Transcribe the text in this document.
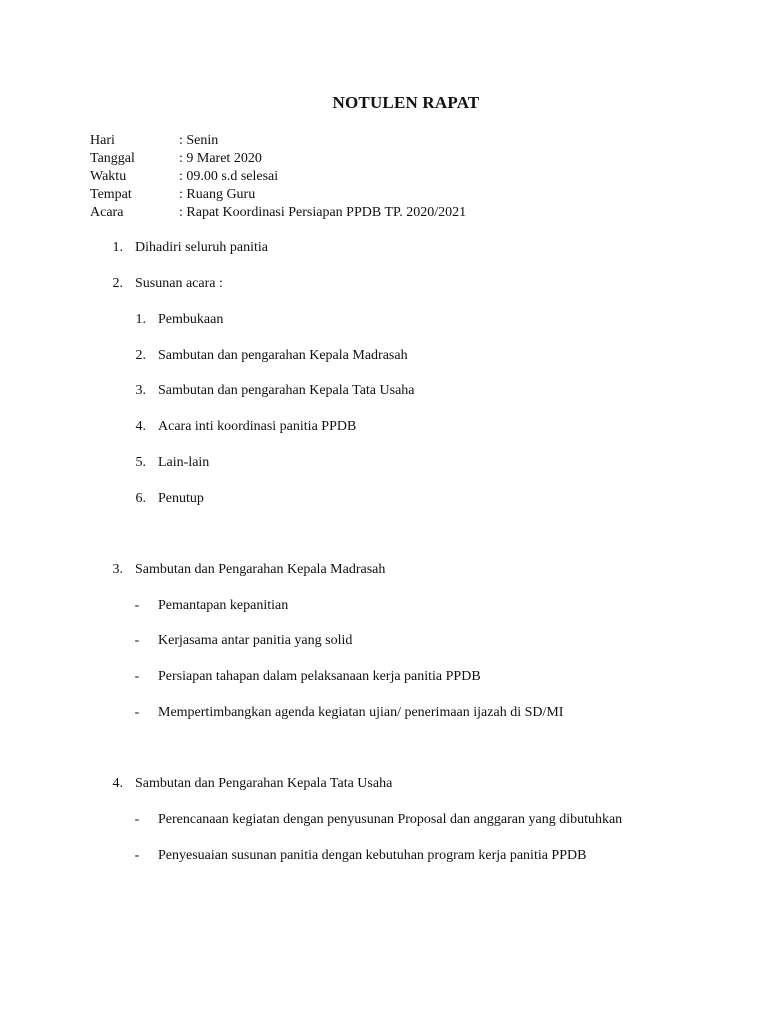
NOTULEN RAPAT
Hari	: Senin
Tanggal	: 9 Maret 2020
Waktu	: 09.00 s.d selesai
Tempat	: Ruang Guru
Acara	: Rapat Koordinasi Persiapan PPDB TP. 2020/2021
1. Dihadiri seluruh panitia
2. Susunan acara :
1. Pembukaan
2. Sambutan dan pengarahan Kepala Madrasah
3. Sambutan dan pengarahan Kepala Tata Usaha
4. Acara inti koordinasi panitia PPDB
5. Lain-lain
6. Penutup
3. Sambutan dan Pengarahan Kepala Madrasah
- Pemantapan kepanitian
- Kerjasama antar panitia yang solid
- Persiapan tahapan dalam pelaksanaan kerja panitia PPDB
- Mempertimbangkan agenda kegiatan ujian/ penerimaan ijazah di SD/MI
4. Sambutan dan Pengarahan Kepala Tata Usaha
- Perencanaan kegiatan dengan penyusunan Proposal dan anggaran yang dibutuhkan
- Penyesuaian susunan panitia dengan kebutuhan program kerja panitia PPDB
